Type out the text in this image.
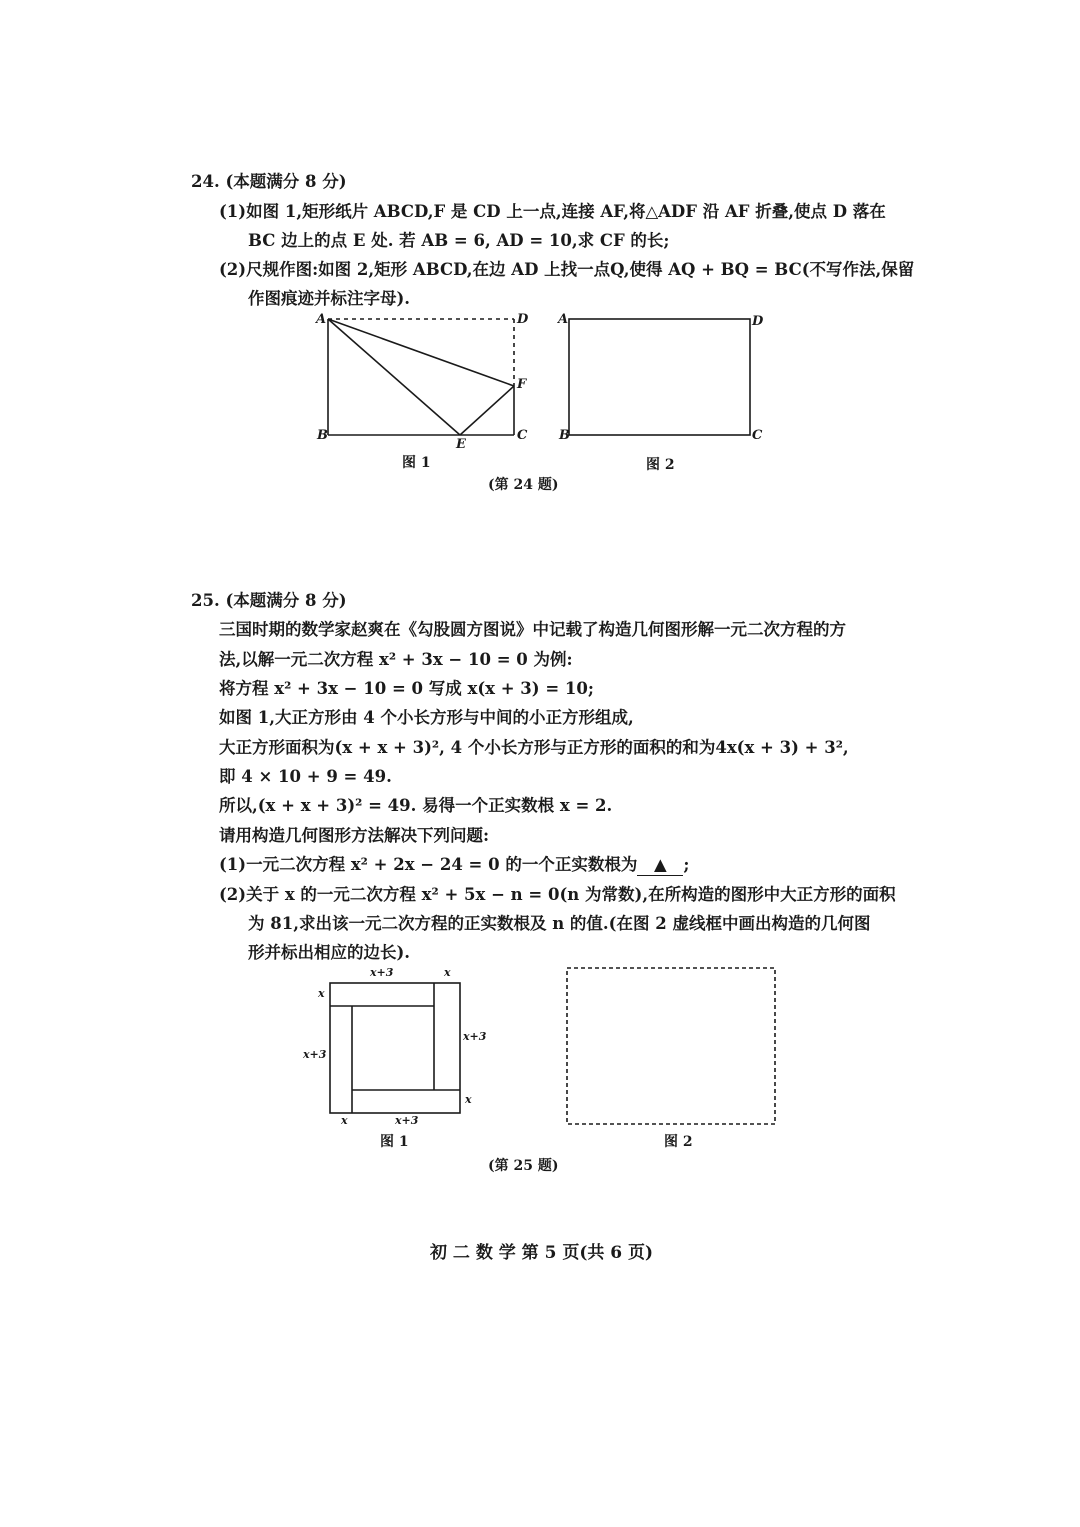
24. (本题满分 8 分)
(1)如图 1,矩形纸片 ABCD,F 是 CD 上一点,连接 AF,将△ADF 沿 AF 折叠,使点 D 落在
BC 边上的点 E 处. 若 AB = 6, AD = 10,求 CF 的长;
(2)尺规作图:如图 2,矩形 ABCD,在边 AD 上找一点Q,使得 AQ + BQ = BC(不写作法,保留
作图痕迹并标注字母).
A	D
F
B	C
E
图 1
A	D
B	C
图 2
(第 24 题)
25. (本题满分 8 分)
三国时期的数学家赵爽在《勾股圆方图说》中记载了构造几何图形解一元二次方程的方
法,以解一元二次方程 x² + 3x − 10 = 0 为例:
将方程 x² + 3x − 10 = 0 写成 x(x + 3) = 10;
如图 1,大正方形由 4 个小长方形与中间的小正方形组成,
大正方形面积为(x + x + 3)², 4 个小长方形与正方形的面积的和为4x(x + 3) + 3²,
即 4 × 10 + 9 = 49.
所以,(x + x + 3)² = 49. 易得一个正实数根 x = 2.
请用构造几何图形方法解决下列问题:
(1)一元二次方程 x² + 2x − 24 = 0 的一个正实数根为 ▲ ;
(2)关于 x 的一元二次方程 x² + 5x − n = 0(n 为常数),在所构造的图形中大正方形的面积
为 81,求出该一元二次方程的正实数根及 n 的值.(在图 2 虚线框中画出构造的几何图
形并标出相应的边长).
x+3	x
x
x+3
x+3
x
x	x+3
图 1	图 2
(第 25 题)
初 二 数 学 第 5 页(共 6 页)
